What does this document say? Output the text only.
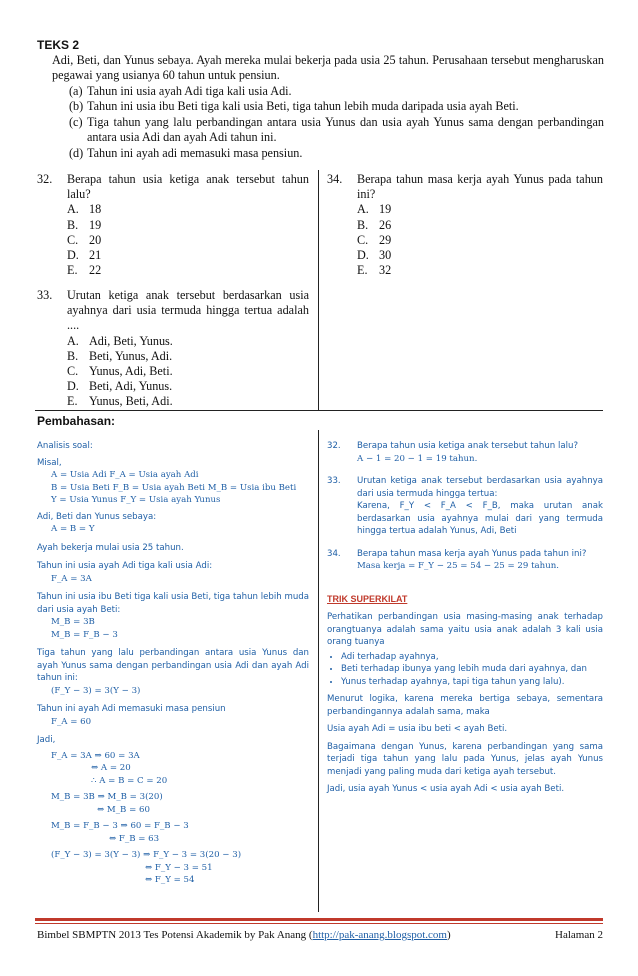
TEKS 2
Adi, Beti, dan Yunus sebaya. Ayah mereka mulai bekerja pada usia 25 tahun. Perusahaan tersebut mengharuskan pegawai yang usianya 60 tahun untuk pensiun.
(a) Tahun ini usia ayah Adi tiga kali usia Adi.
(b) Tahun ini usia ibu Beti tiga kali usia Beti, tiga tahun lebih muda daripada usia ayah Beti.
(c) Tiga tahun yang lalu perbandingan antara usia Yunus dan usia ayah Yunus sama dengan perbandingan antara usia Adi dan ayah Adi tahun ini.
(d) Tahun ini ayah adi memasuki masa pensiun.
32. Berapa tahun usia ketiga anak tersebut tahun lalu?
A. 18
B. 19
C. 20
D. 21
E. 22
34. Berapa tahun masa kerja ayah Yunus pada tahun ini?
A. 19
B. 26
C. 29
D. 30
E. 32
33. Urutan ketiga anak tersebut berdasarkan usia ayahnya dari usia termuda hingga tertua adalah ....
A. Adi, Beti, Yunus.
B. Beti, Yunus, Adi.
C. Yunus, Adi, Beti.
D. Beti, Adi, Yunus.
E. Yunus, Beti, Adi.
Pembahasan:
Analisis soal:
Misal,
A = Usia Adi F_A = Usia ayah Adi
B = Usia Beti F_B = Usia ayah Beti M_B = Usia ibu Beti
Y = Usia Yunus F_Y = Usia ayah Yunus
Adi, Beti dan Yunus sebaya:
A = B = Y
Ayah bekerja mulai usia 25 tahun.
Tahun ini usia ayah Adi tiga kali usia Adi:
F_A = 3A
Tahun ini usia ibu Beti tiga kali usia Beti, tiga tahun lebih muda dari usia ayah Beti:
M_B = 3B
M_B = F_B − 3
Tiga tahun yang lalu perbandingan antara usia Yunus dan ayah Yunus sama dengan perbandingan usia Adi dan ayah Adi tahun ini:
(F_Y − 3) = 3(Y − 3)
Tahun ini ayah Adi memasuki masa pensiun
F_A = 60
Jadi,
F_A = 3A ⇒ 60 = 3A
⇔ A = 20
∴ A = B = C = 20
M_B = 3B ⇒ M_B = 3(20)
⇔ M_B = 60
M_B = F_B − 3 ⇒ 60 = F_B − 3
⇔ F_B = 63
(F_Y − 3) = 3(Y − 3) ⇒ F_Y − 3 = 3(20 − 3)
⇔ F_Y − 3 = 51
⇔ F_Y = 54
32.	Berapa tahun usia ketiga anak tersebut tahun lalu?
A − 1 = 20 − 1 = 19 tahun.
33.	Urutan ketiga anak tersebut berdasarkan usia ayahnya dari usia termuda hingga tertua:
Karena, F_Y < F_A < F_B, maka urutan anak berdasarkan usia ayahnya mulai dari yang termuda hingga tertua adalah Yunus, Adi, Beti
34.	Berapa tahun masa kerja ayah Yunus pada tahun ini?
Masa kerja = F_Y − 25 = 54 − 25 = 29 tahun.
TRIK SUPERKILAT
Perhatikan perbandingan usia masing-masing anak terhadap orangtuanya adalah sama yaitu usia anak adalah 3 kali usia orang tuanya
• Adi terhadap ayahnya,
• Beti terhadap ibunya yang lebih muda dari ayahnya, dan
• Yunus terhadap ayahnya, tapi tiga tahun yang lalu).
Menurut logika, karena mereka bertiga sebaya, sementara perbandingannya adalah sama, maka
Usia ayah Adi = usia ibu beti < ayah Beti.
Bagaimana dengan Yunus, karena perbandingan yang sama terjadi tiga tahun yang lalu pada Yunus, jelas ayah Yunus menjadi yang paling muda dari ketiga ayah tersebut.
Jadi, usia ayah Yunus < usia ayah Adi < usia ayah Beti.
Bimbel SBMPTN 2013 Tes Potensi Akademik by Pak Anang (http://pak-anang.blogspot.com)	Halaman 2
